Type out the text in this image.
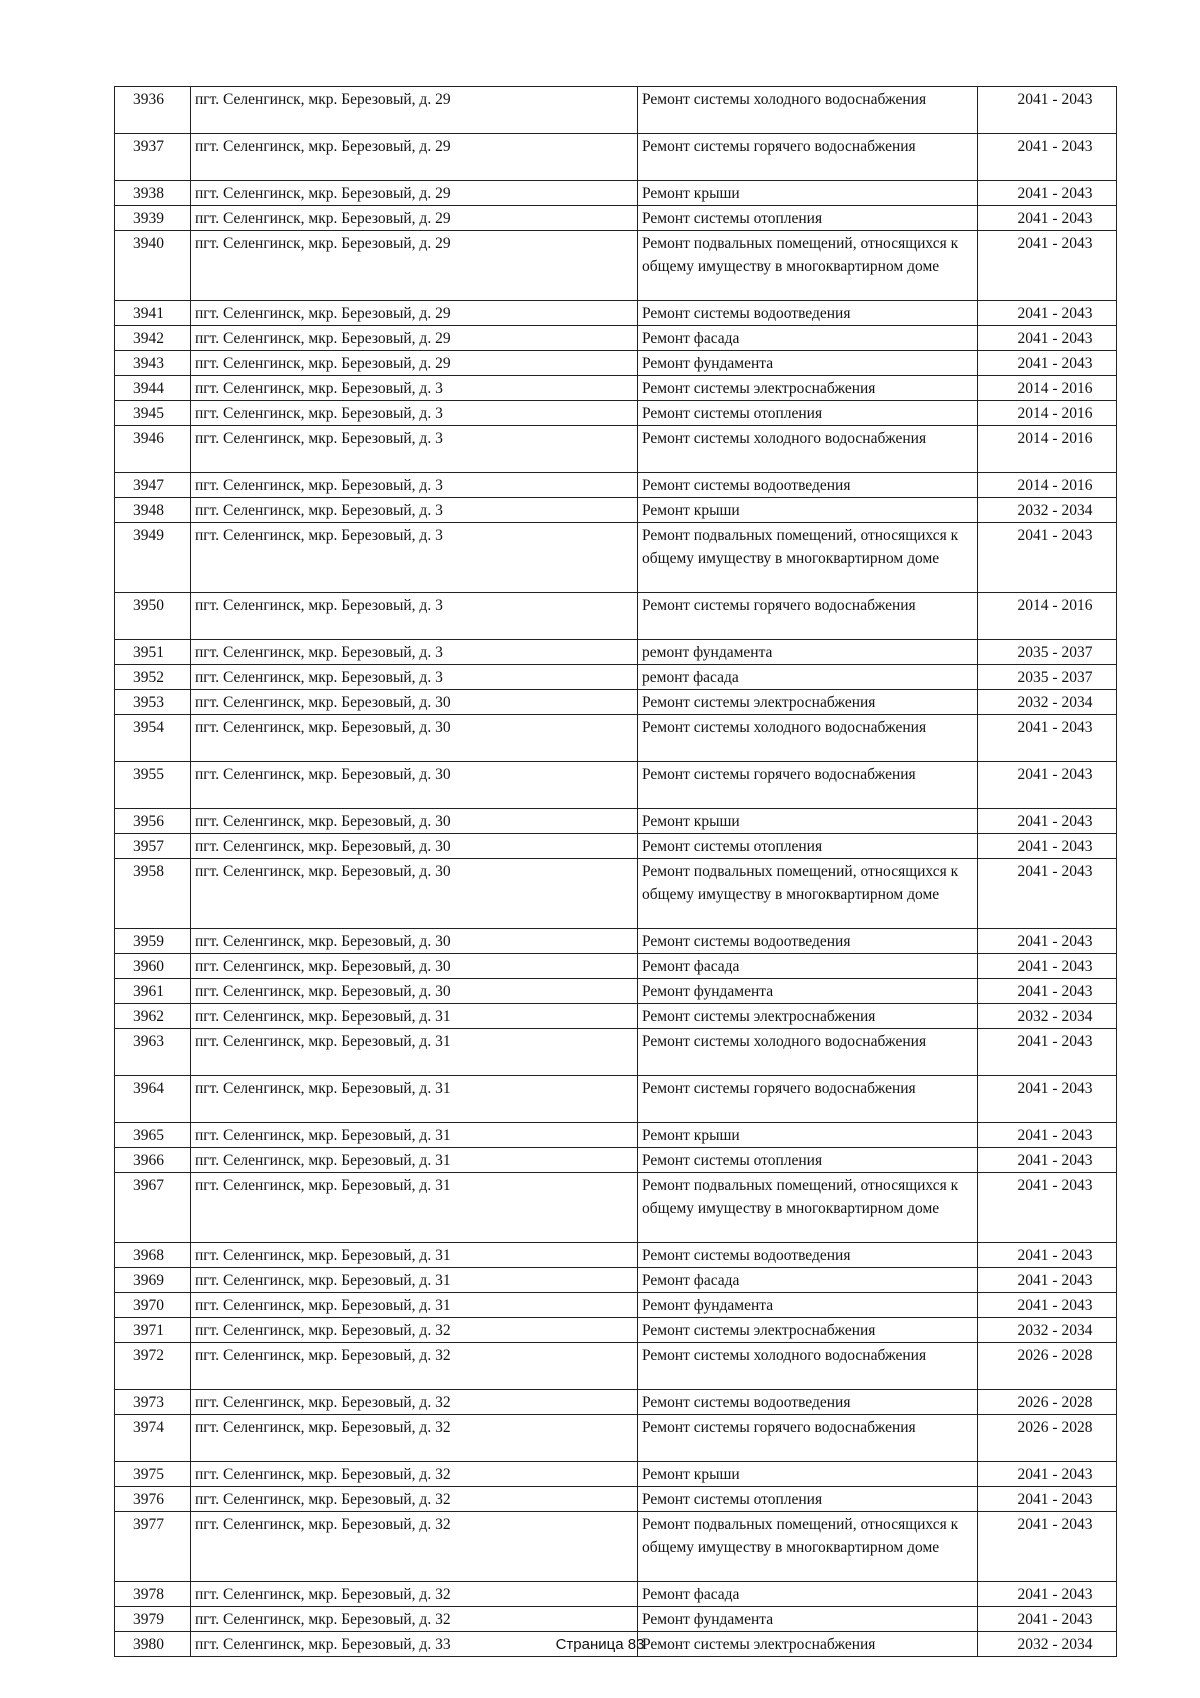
3936	пгт. Селенгинск, мкр. Березовый, д. 29	Ремонт системы холодного водоснабжения	2041 - 2043
3937	пгт. Селенгинск, мкр. Березовый, д. 29	Ремонт системы горячего водоснабжения	2041 - 2043
3938	пгт. Селенгинск, мкр. Березовый, д. 29	Ремонт крыши	2041 - 2043
3939	пгт. Селенгинск, мкр. Березовый, д. 29	Ремонт системы отопления	2041 - 2043
3940	пгт. Селенгинск, мкр. Березовый, д. 29	Ремонт подвальных помещений, относящихся к общему имуществу в многоквартирном доме	2041 - 2043
3941	пгт. Селенгинск, мкр. Березовый, д. 29	Ремонт системы водоотведения	2041 - 2043
3942	пгт. Селенгинск, мкр. Березовый, д. 29	Ремонт фасада	2041 - 2043
3943	пгт. Селенгинск, мкр. Березовый, д. 29	Ремонт фундамента	2041 - 2043
3944	пгт. Селенгинск, мкр. Березовый, д. 3	Ремонт системы электроснабжения	2014 - 2016
3945	пгт. Селенгинск, мкр. Березовый, д. 3	Ремонт системы отопления	2014 - 2016
3946	пгт. Селенгинск, мкр. Березовый, д. 3	Ремонт системы холодного водоснабжения	2014 - 2016
3947	пгт. Селенгинск, мкр. Березовый, д. 3	Ремонт системы водоотведения	2014 - 2016
3948	пгт. Селенгинск, мкр. Березовый, д. 3	Ремонт крыши	2032 - 2034
3949	пгт. Селенгинск, мкр. Березовый, д. 3	Ремонт подвальных помещений, относящихся к общему имуществу в многоквартирном доме	2041 - 2043
3950	пгт. Селенгинск, мкр. Березовый, д. 3	Ремонт системы горячего водоснабжения	2014 - 2016
3951	пгт. Селенгинск, мкр. Березовый, д. 3	ремонт фундамента	2035 - 2037
3952	пгт. Селенгинск, мкр. Березовый, д. 3	ремонт фасада	2035 - 2037
3953	пгт. Селенгинск, мкр. Березовый, д. 30	Ремонт системы электроснабжения	2032 - 2034
3954	пгт. Селенгинск, мкр. Березовый, д. 30	Ремонт системы холодного водоснабжения	2041 - 2043
3955	пгт. Селенгинск, мкр. Березовый, д. 30	Ремонт системы горячего водоснабжения	2041 - 2043
3956	пгт. Селенгинск, мкр. Березовый, д. 30	Ремонт крыши	2041 - 2043
3957	пгт. Селенгинск, мкр. Березовый, д. 30	Ремонт системы отопления	2041 - 2043
3958	пгт. Селенгинск, мкр. Березовый, д. 30	Ремонт подвальных помещений, относящихся к общему имуществу в многоквартирном доме	2041 - 2043
3959	пгт. Селенгинск, мкр. Березовый, д. 30	Ремонт системы водоотведения	2041 - 2043
3960	пгт. Селенгинск, мкр. Березовый, д. 30	Ремонт фасада	2041 - 2043
3961	пгт. Селенгинск, мкр. Березовый, д. 30	Ремонт фундамента	2041 - 2043
3962	пгт. Селенгинск, мкр. Березовый, д. 31	Ремонт системы электроснабжения	2032 - 2034
3963	пгт. Селенгинск, мкр. Березовый, д. 31	Ремонт системы холодного водоснабжения	2041 - 2043
3964	пгт. Селенгинск, мкр. Березовый, д. 31	Ремонт системы горячего водоснабжения	2041 - 2043
3965	пгт. Селенгинск, мкр. Березовый, д. 31	Ремонт крыши	2041 - 2043
3966	пгт. Селенгинск, мкр. Березовый, д. 31	Ремонт системы отопления	2041 - 2043
3967	пгт. Селенгинск, мкр. Березовый, д. 31	Ремонт подвальных помещений, относящихся к общему имуществу в многоквартирном доме	2041 - 2043
3968	пгт. Селенгинск, мкр. Березовый, д. 31	Ремонт системы водоотведения	2041 - 2043
3969	пгт. Селенгинск, мкр. Березовый, д. 31	Ремонт фасада	2041 - 2043
3970	пгт. Селенгинск, мкр. Березовый, д. 31	Ремонт фундамента	2041 - 2043
3971	пгт. Селенгинск, мкр. Березовый, д. 32	Ремонт системы электроснабжения	2032 - 2034
3972	пгт. Селенгинск, мкр. Березовый, д. 32	Ремонт системы холодного водоснабжения	2026 - 2028
3973	пгт. Селенгинск, мкр. Березовый, д. 32	Ремонт системы водоотведения	2026 - 2028
3974	пгт. Селенгинск, мкр. Березовый, д. 32	Ремонт системы горячего водоснабжения	2026 - 2028
3975	пгт. Селенгинск, мкр. Березовый, д. 32	Ремонт крыши	2041 - 2043
3976	пгт. Селенгинск, мкр. Березовый, д. 32	Ремонт системы отопления	2041 - 2043
3977	пгт. Селенгинск, мкр. Березовый, д. 32	Ремонт подвальных помещений, относящихся к общему имуществу в многоквартирном доме	2041 - 2043
3978	пгт. Селенгинск, мкр. Березовый, д. 32	Ремонт фасада	2041 - 2043
3979	пгт. Селенгинск, мкр. Березовый, д. 32	Ремонт фундамента	2041 - 2043
3980	пгт. Селенгинск, мкр. Березовый, д. 33	Ремонт системы электроснабжения	2032 - 2034
Страница 83
